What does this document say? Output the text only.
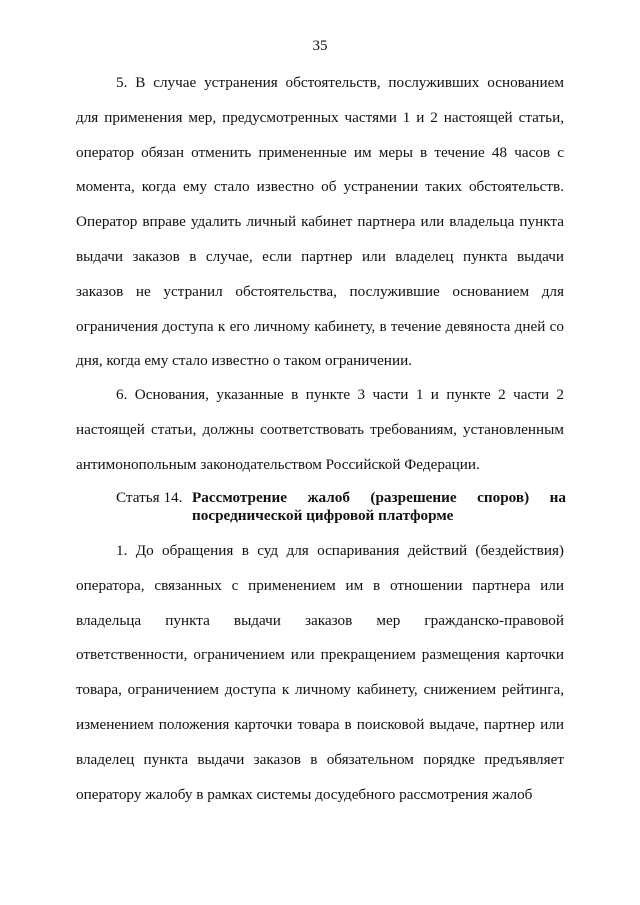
35

5. В случае устранения обстоятельств, послуживших основанием для применения мер, предусмотренных частями 1 и 2 настоящей статьи, оператор обязан отменить примененные им меры в течение 48 часов с момента, когда ему стало известно об устранении таких обстоятельств. Оператор вправе удалить личный кабинет партнера или владельца пункта выдачи заказов в случае, если партнер или владелец пункта выдачи заказов не устранил обстоятельства, послужившие основанием для ограничения доступа к его личному кабинету, в течение девяноста дней со дня, когда ему стало известно о таком ограничении.

6. Основания, указанные в пункте 3 части 1 и пункте 2 части 2 настоящей статьи, должны соответствовать требованиям, установленным антимонопольным законодательством Российской Федерации.

Статья 14. Рассмотрение жалоб (разрешение споров) на
посреднической цифровой платформе

1. До обращения в суд для оспаривания действий (бездействия) оператора, связанных с применением им в отношении партнера или владельца пункта выдачи заказов мер гражданско-правовой ответственности, ограничением или прекращением размещения карточки товара, ограничением доступа к личному кабинету, снижением рейтинга, изменением положения карточки товара в поисковой выдаче, партнер или владелец пункта выдачи заказов в обязательном порядке предъявляет оператору жалобу в рамках системы досудебного рассмотрения жалоб
